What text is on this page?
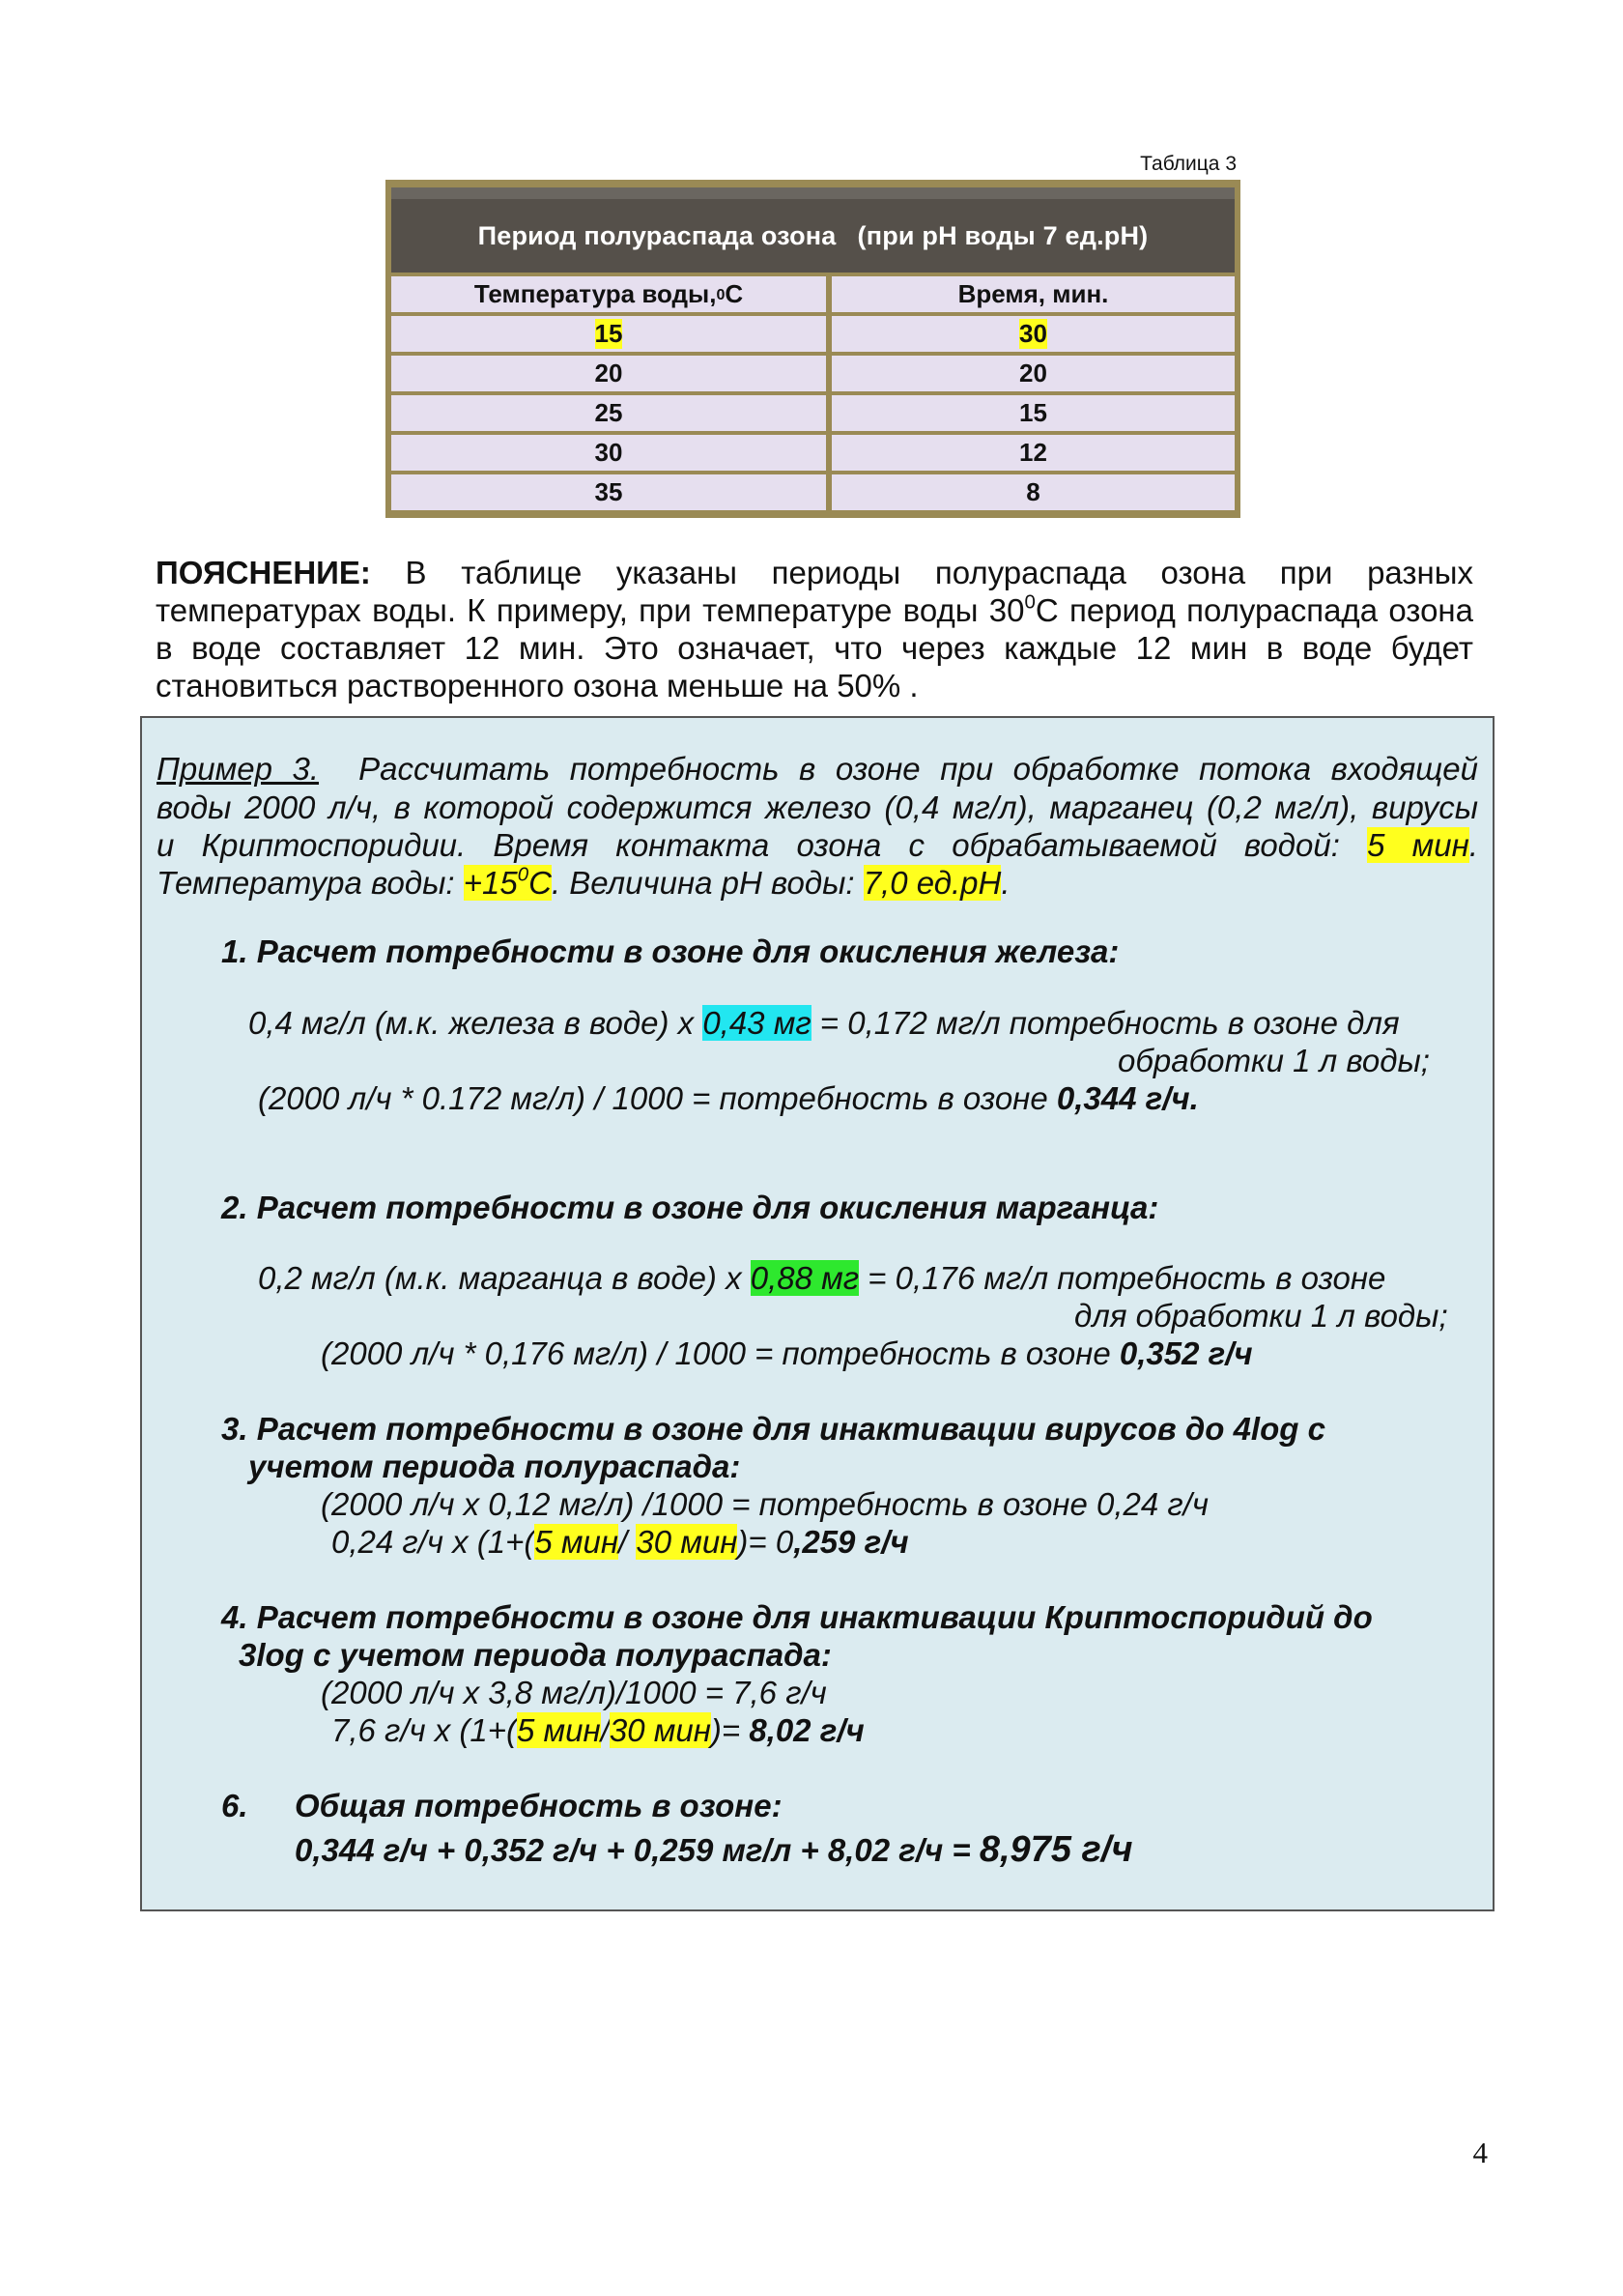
Таблица 3
Период полураспада озона (при pH воды 7 ед.pH)
Температура воды, 0 С	Время, мин.
15	30
20	20
25	15
30	12
35	8
ПОЯСНЕНИЕ: В таблице указаны периоды полураспада озона при разных температурах воды. К примеру, при температуре воды $30^0С$ период полураспада озона в воде составляет 12 мин. Это означает, что через каждые 12 мин в воде будет становиться растворенного озона меньше на 50% .
Пример 3. Рассчитать потребность в озоне при обработке потока входящей
воды 2000 л/ч, в которой содержится железо (0,4 мг/л), марганец (0,2 мг/л), вирусы
и Криптоспоридии. Время контакта озона с обрабатываемой водой: 5 мин.
Температура воды: $+15^0С$. Величина pH воды: 7,0 ед.pH.
1. Расчет потребности в озоне для окисления железа:
0,4 мг/л (м.к. железа в воде) х 0,43 мг = 0,172 мг/л потребность в озоне для
обработки 1 л воды;
(2000 л/ч * 0.172 мг/л) / 1000 = потребность в озоне 0,344 г/ч.
2. Расчет потребности в озоне для окисления марганца:
0,2 мг/л (м.к. марганца в воде) х 0,88 мг = 0,176 мг/л потребность в озоне
для обработки 1 л воды;
(2000 л/ч * 0,176 мг/л) / 1000 = потребность в озоне 0,352 г/ч
3. Расчет потребности в озоне для инактивации вирусов до 4log с
учетом периода полураспада:
(2000 л/ч х 0,12 мг/л) /1000 = потребность в озоне 0,24 г/ч
0,24 г/ч х (1+(5 мин/ 30 мин)= 0,259 г/ч
4. Расчет потребности в озоне для инактивации Криптоспоридий до
3log с учетом периода полураспада:
(2000 л/ч х 3,8 мг/л)/1000 = 7,6 г/ч
7,6 г/ч х (1+(5 мин/30 мин)= 8,02 г/ч
6. Общая потребность в озоне:
0,344 г/ч + 0,352 г/ч + 0,259 мг/л + 8,02 г/ч = 8,975 г/ч
4
